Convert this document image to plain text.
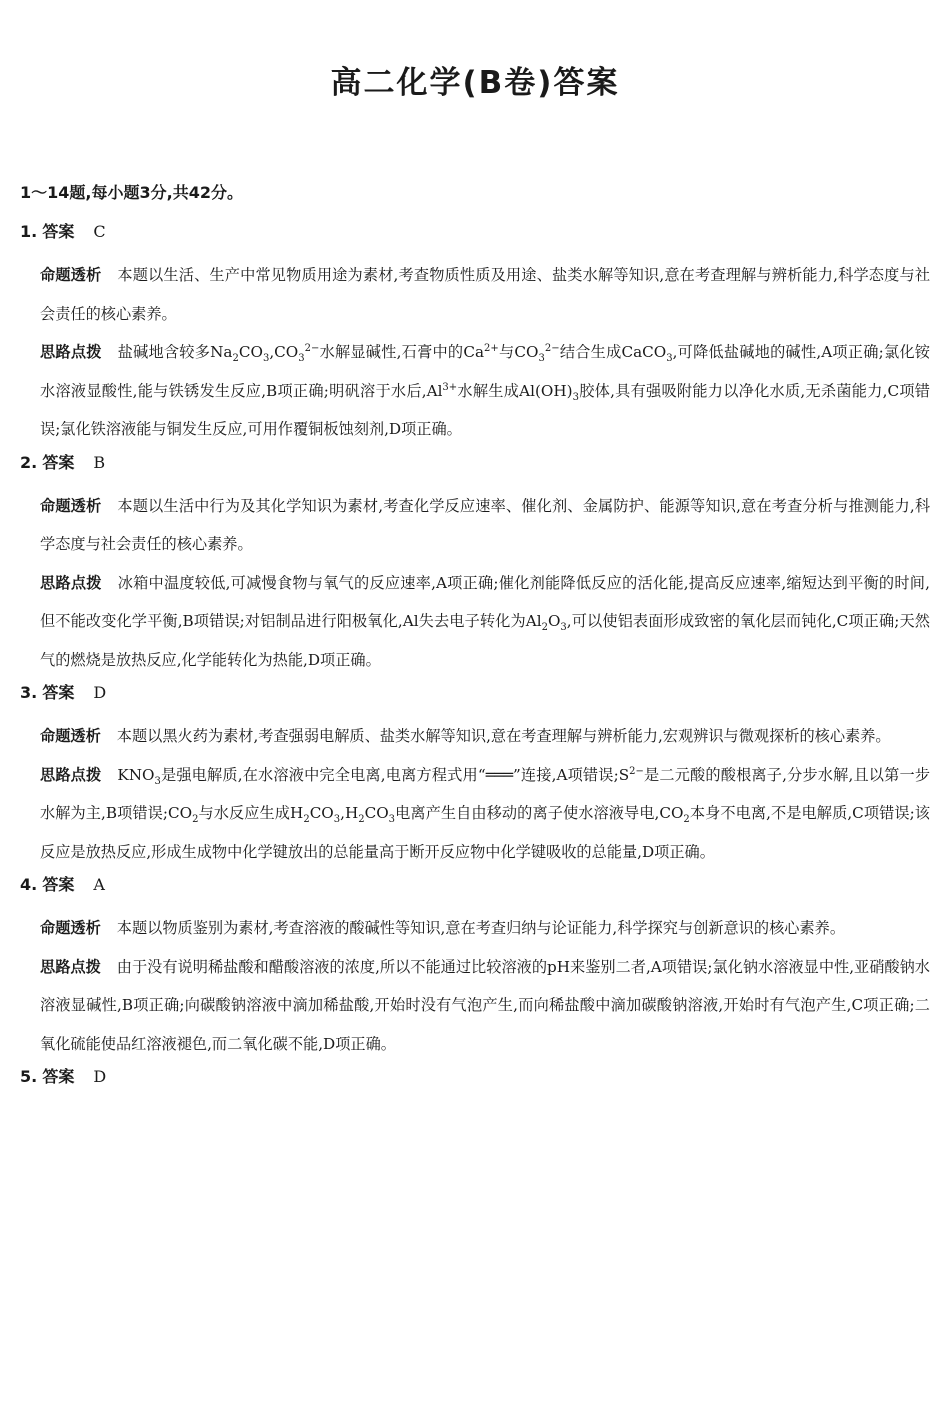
高二化学(B卷)答案
1～14题,每小题3分,共42分。
1. 答案 C

命题透析 本题以生活、生产中常见物质用途为素材,考查物质性质及用途、盐类水解等知识,意在考查理解与辨析能力,科学态度与社会责任的核心素养。

思路点拨 盐碱地含较多$Na_2CO_3,CO_3^{2-}$水解显碱性,石膏中的$Ca^{2+}$与$CO_3^{2-}$结合生成CaCO$_3$,可降低盐碱地的碱性,A项正确;氯化铵水溶液显酸性,能与铁锈发生反应,B项正确;明矾溶于水后$,Al^{3+}$水解生成$Al(OH)_3$胶体,具有强吸附能力以净化水质,无杀菌能力,C项错误;氯化铁溶液能与铜发生反应,可用作覆铜板蚀刻剂,D项正确。

2. 答案 B

命题透析 本题以生活中行为及其化学知识为素材,考查化学反应速率、催化剂、金属防护、能源等知识,意在考查分析与推测能力,科学态度与社会责任的核心素养。

思路点拨 冰箱中温度较低,可减慢食物与氧气的反应速率,A项正确;催化剂能降低反应的活化能,提高反应速率,缩短达到平衡的时间,但不能改变化学平衡,B项错误;对铝制品进行阳极氧化,Al失去电子转化为$Al_2O_3$,可以使铝表面形成致密的氧化层而钝化,C项正确;天然气的燃烧是放热反应,化学能转化为热能,D项正确。

3. 答案 D

命题透析 本题以黑火药为素材,考查强弱电解质、盐类水解等知识,意在考查理解与辨析能力,宏观辨识与微观探析的核心素养。

思路点拨 $KNO_3$是强电解质,在水溶液中完全电离,电离方程式用“═══”连接,A项错误$;S^{2-}$是二元酸的酸根离子,分步水解,且以第一步水解为主,B项错误$;CO_2$与水反应生成$H_2CO_3,H_2CO_3$电离产生自由移动的离子使水溶液导电$,CO_2$本身不电离,不是电解质,C项错误;该反应是放热反应,形成生成物中化学键放出的总能量高于断开反应物中化学键吸收的总能量,D项正确。

4. 答案 A

命题透析 本题以物质鉴别为素材,考查溶液的酸碱性等知识,意在考查归纳与论证能力,科学探究与创新意识的核心素养。

思路点拨 由于没有说明稀盐酸和醋酸溶液的浓度,所以不能通过比较溶液的pH来鉴别二者,A项错误;氯化钠水溶液显中性,亚硝酸钠水溶液显碱性,B项正确;向碳酸钠溶液中滴加稀盐酸,开始时没有气泡产生,而向稀盐酸中滴加碳酸钠溶液,开始时有气泡产生,C项正确;二氧化硫能使品红溶液褪色,而二氧化碳不能,D项正确。

5. 答案 D
